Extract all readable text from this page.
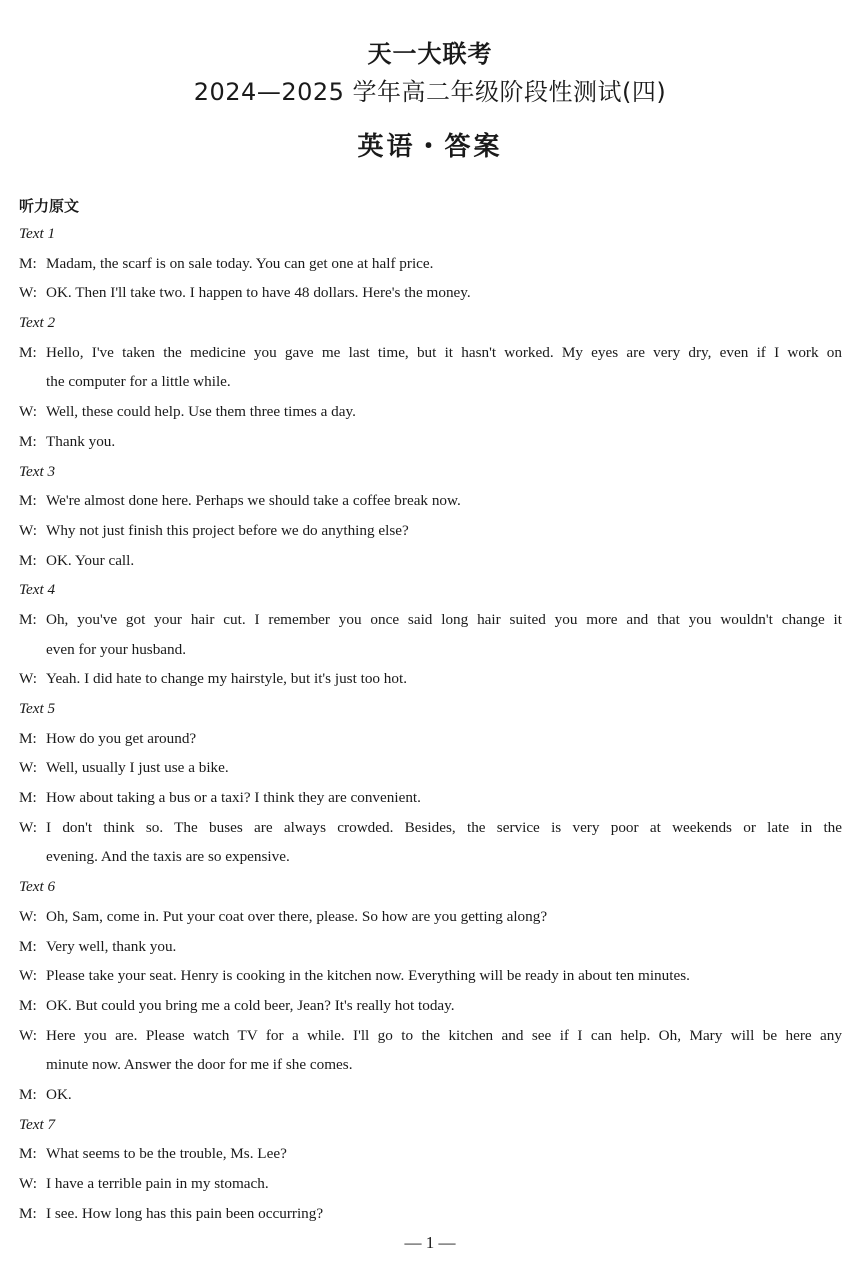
天一大联考
2024—2025 学年高二年级阶段性测试(四)
英语・答案
听力原文
Text 1
M: Madam, the scarf is on sale today. You can get one at half price.
W: OK. Then I'll take two. I happen to have 48 dollars. Here's the money.
Text 2
M: Hello, I've taken the medicine you gave me last time, but it hasn't worked. My eyes are very dry, even if I work on
the computer for a little while.
W: Well, these could help. Use them three times a day.
M: Thank you.
Text 3
M: We're almost done here. Perhaps we should take a coffee break now.
W: Why not just finish this project before we do anything else?
M: OK. Your call.
Text 4
M: Oh, you've got your hair cut. I remember you once said long hair suited you more and that you wouldn't change it
even for your husband.
W: Yeah. I did hate to change my hairstyle, but it's just too hot.
Text 5
M: How do you get around?
W: Well, usually I just use a bike.
M: How about taking a bus or a taxi? I think they are convenient.
W: I don't think so. The buses are always crowded. Besides, the service is very poor at weekends or late in the
evening. And the taxis are so expensive.
Text 6
W: Oh, Sam, come in. Put your coat over there, please. So how are you getting along?
M: Very well, thank you.
W: Please take your seat. Henry is cooking in the kitchen now. Everything will be ready in about ten minutes.
M: OK. But could you bring me a cold beer, Jean? It's really hot today.
W: Here you are. Please watch TV for a while. I'll go to the kitchen and see if I can help. Oh, Mary will be here any
minute now. Answer the door for me if she comes.
M: OK.
Text 7
M: What seems to be the trouble, Ms. Lee?
W: I have a terrible pain in my stomach.
M: I see. How long has this pain been occurring?
— 1 —
